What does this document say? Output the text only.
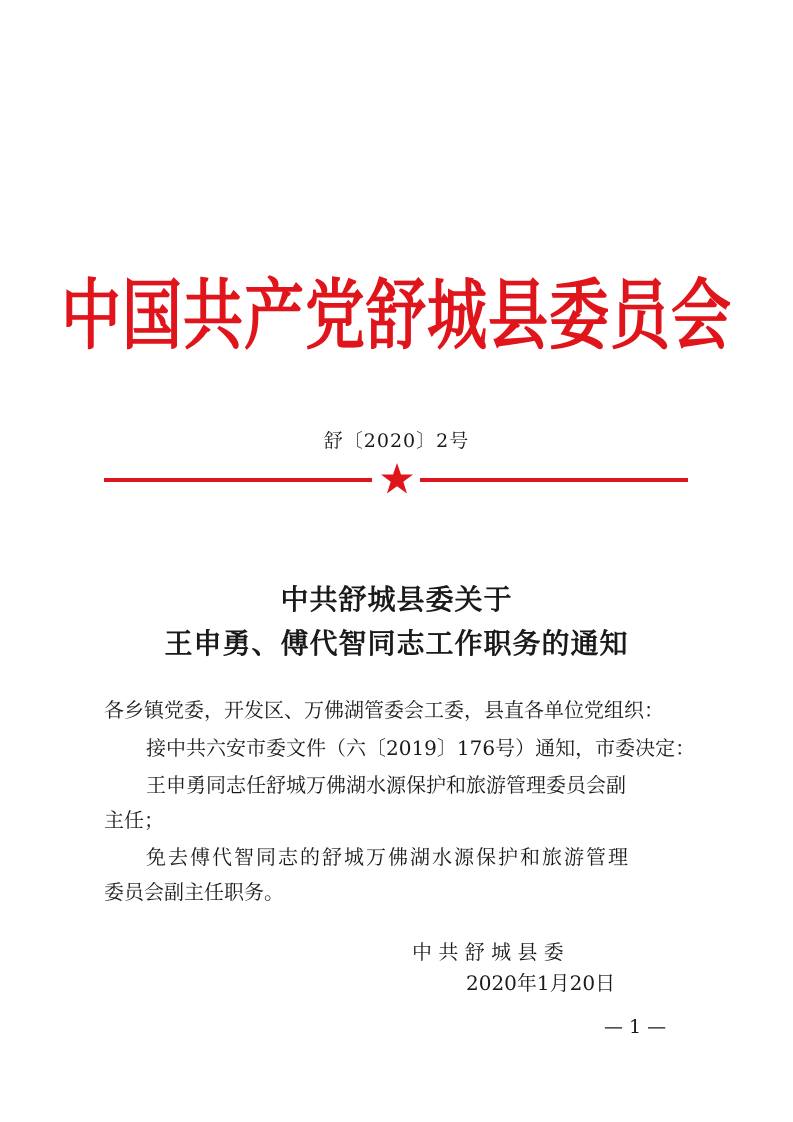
中国共产党舒城县委员会
舒〔2020〕2号
中共舒城县委关于
王申勇、傅代智同志工作职务的通知
各乡镇党委，开发区、万佛湖管委会工委，县直各单位党组织：
接中共六安市委文件（六〔2019〕176号）通知，市委决定：
王申勇同志任舒城万佛湖水源保护和旅游管理委员会副
主任；
免去傅代智同志的舒城万佛湖水源保护和旅游管理
委员会副主任职务。
中 共 舒 城 县 委
2020年1月20日
— 1 —
